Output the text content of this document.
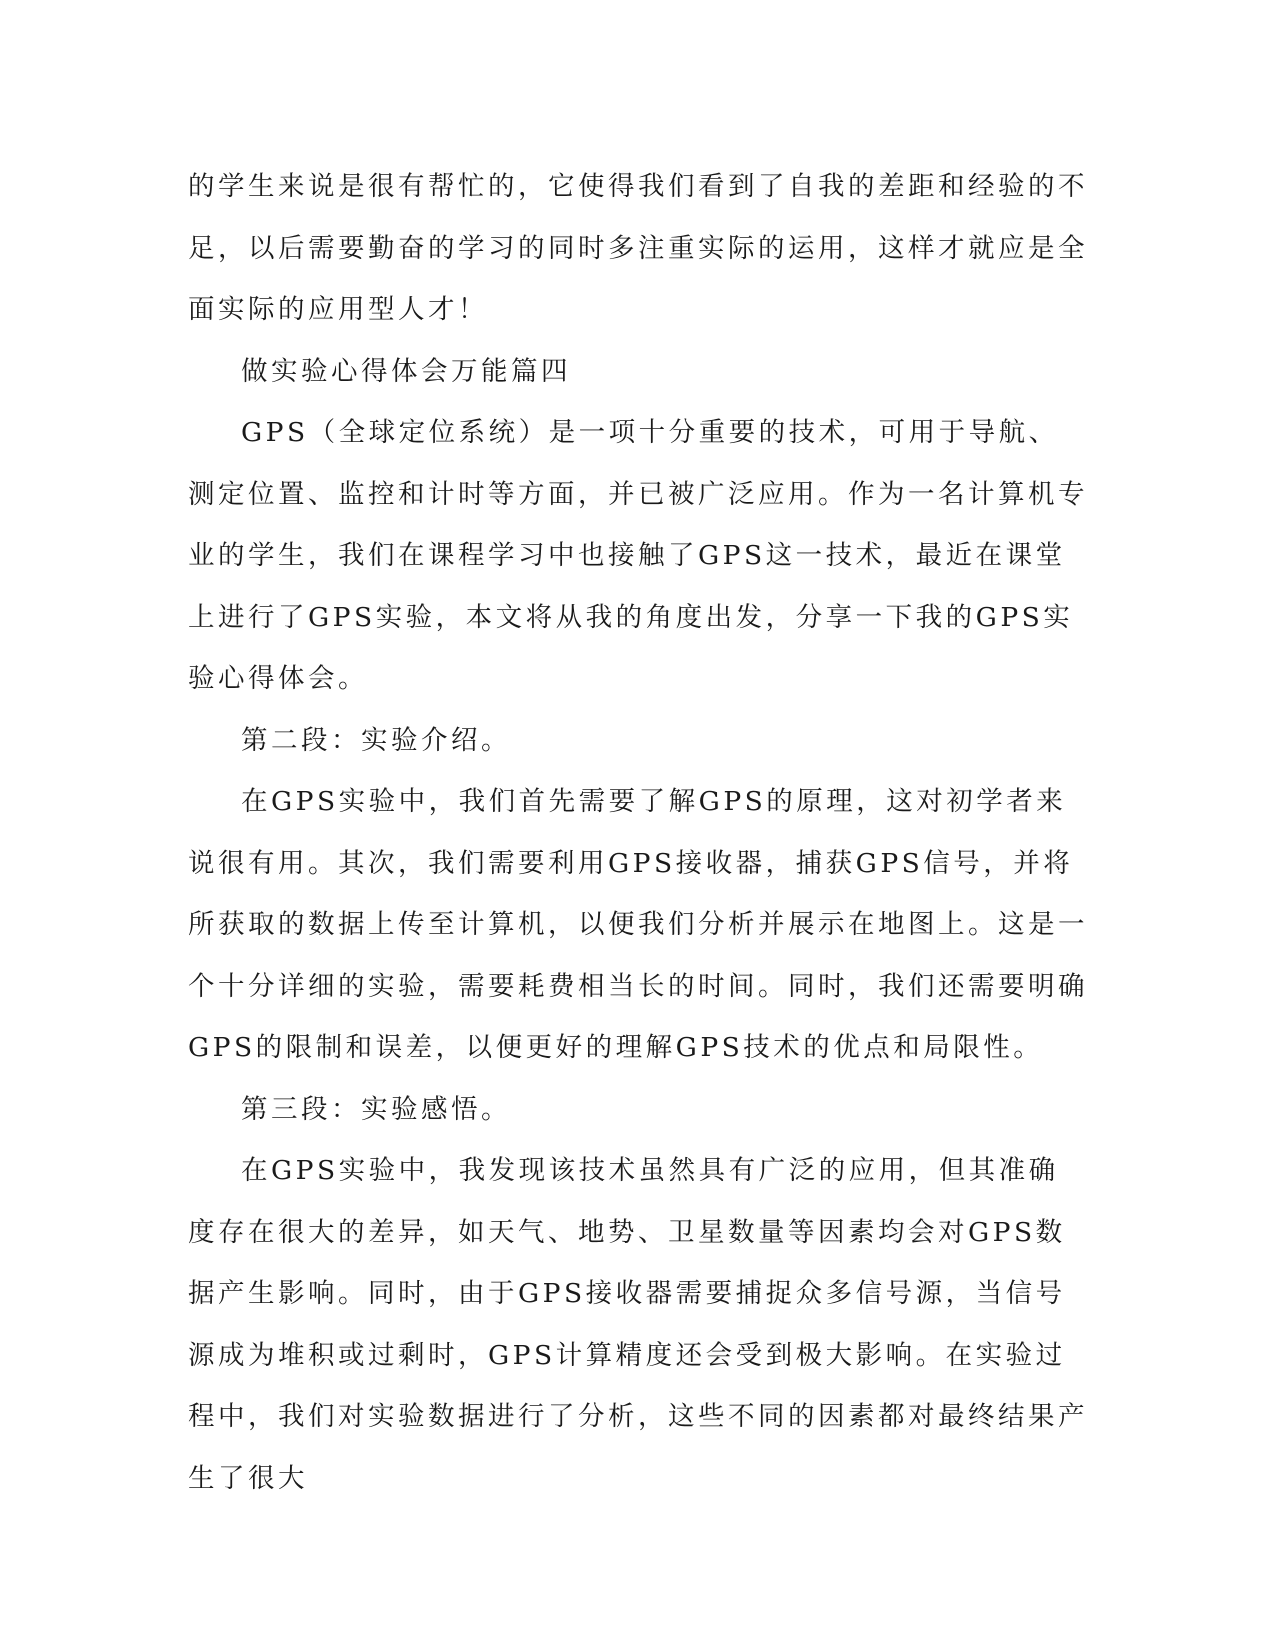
的学生来说是很有帮忙的，它使得我们看到了自我的差距和经验的不足，以后需要勤奋的学习的同时多注重实际的运用，这样才就应是全面实际的应用型人才！

做实验心得体会万能篇四

GPS（全球定位系统）是一项十分重要的技术，可用于导航、测定位置、监控和计时等方面，并已被广泛应用。作为一名计算机专业的学生，我们在课程学习中也接触了GPS这一技术，最近在课堂上进行了GPS实验，本文将从我的角度出发，分享一下我的GPS实验心得体会。

第二段：实验介绍。

在GPS实验中，我们首先需要了解GPS的原理，这对初学者来说很有用。其次，我们需要利用GPS接收器，捕获GPS信号，并将所获取的数据上传至计算机，以便我们分析并展示在地图上。这是一个十分详细的实验，需要耗费相当长的时间。同时，我们还需要明确GPS的限制和误差，以便更好的理解GPS技术的优点和局限性。

第三段：实验感悟。

在GPS实验中，我发现该技术虽然具有广泛的应用，但其准确度存在很大的差异，如天气、地势、卫星数量等因素均会对GPS数据产生影响。同时，由于GPS接收器需要捕捉众多信号源，当信号源成为堆积或过剩时，GPS计算精度还会受到极大影响。在实验过程中，我们对实验数据进行了分析，这些不同的因素都对最终结果产生了很大
